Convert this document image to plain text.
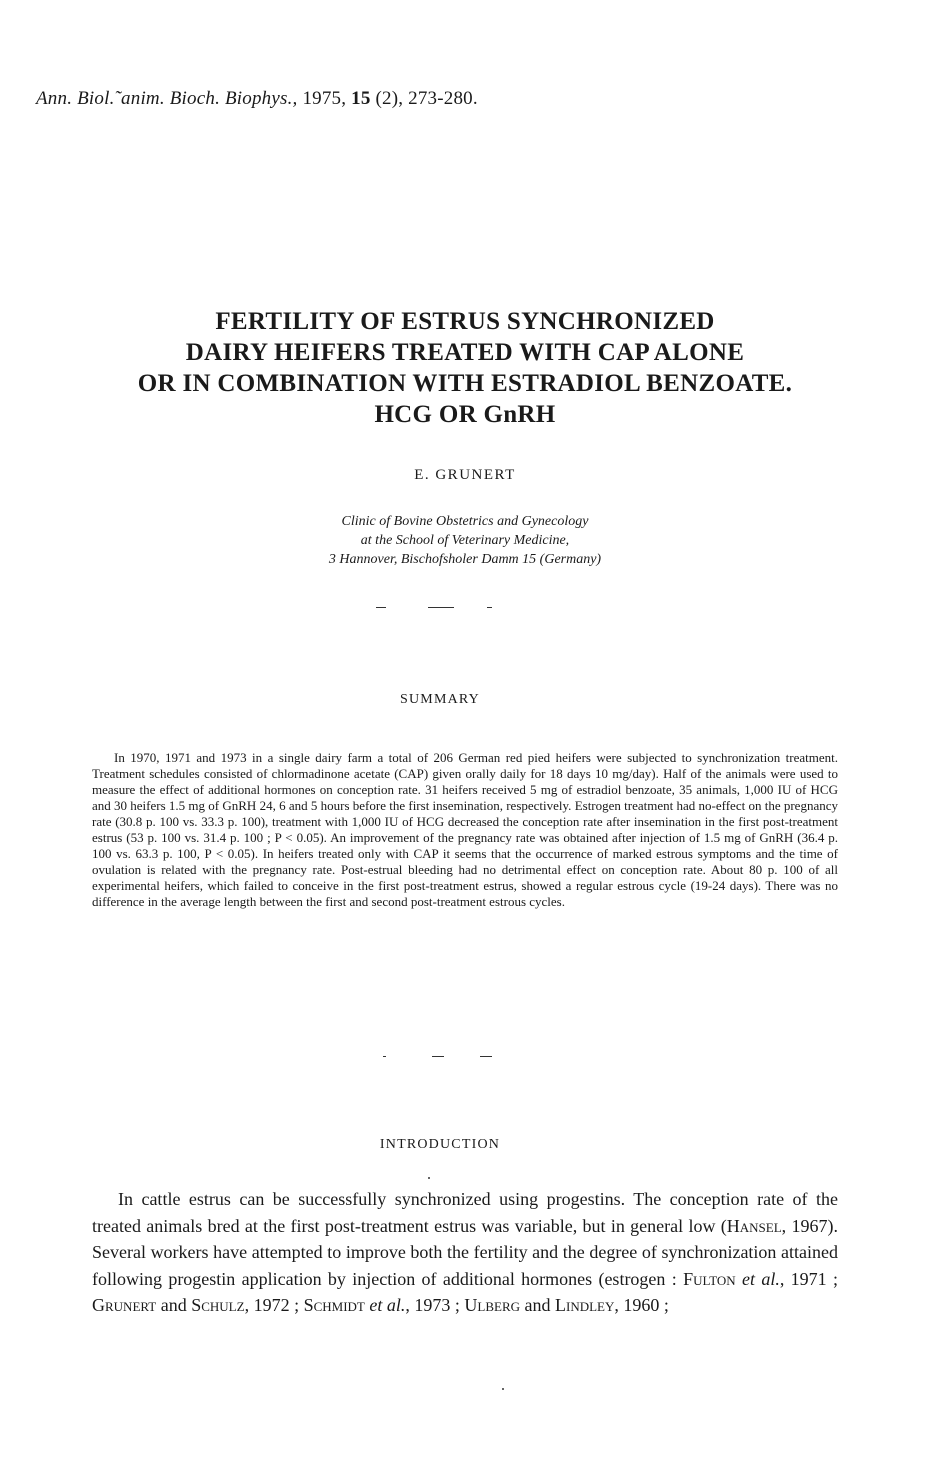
Ann. Biol.˜anim. Bioch. Biophys., 1975, 15 (2), 273-280.
FERTILITY OF ESTRUS SYNCHRONIZED
DAIRY HEIFERS TREATED WITH CAP ALONE
OR IN COMBINATION WITH ESTRADIOL BENZOATE.
HCG OR GnRH
E. GRUNERT
Clinic of Bovine Obstetrics and Gynecology
at the School of Veterinary Medicine,
3 Hannover, Bischofsholer Damm 15 (Germany)
SUMMARY
In 1970, 1971 and 1973 in a single dairy farm a total of 206 German red pied heifers were subjected to synchronization treatment. Treatment schedules consisted of chlormadinone acetate (CAP) given orally daily for 18 days 10 mg/day). Half of the animals were used to measure the effect of additional hormones on conception rate. 31 heifers received 5 mg of estradiol benzoate, 35 animals, 1,000 IU of HCG and 30 heifers 1.5 mg of GnRH 24, 6 and 5 hours before the first insemination, respectively. Estrogen treatment had no-effect on the pregnancy rate (30.8 p. 100 vs. 33.3 p. 100), treatment with 1,000 IU of HCG decreased the conception rate after insemination in the first post-treatment estrus (53 p. 100 vs. 31.4 p. 100 ; P < 0.05). An improvement of the pregnancy rate was obtained after injection of 1.5 mg of GnRH (36.4 p. 100 vs. 63.3 p. 100, P < 0.05). In heifers treated only with CAP it seems that the occurrence of marked estrous symptoms and the time of ovulation is related with the pregnancy rate. Post-estrual bleeding had no detrimental effect on conception rate. About 80 p. 100 of all experimental heifers, which failed to conceive in the first post-treatment estrus, showed a regular estrous cycle (19-24 days). There was no difference in the average length between the first and second post-treatment estrous cycles.
INTRODUCTION
In cattle estrus can be successfully synchronized using progestins. The conception rate of the treated animals bred at the first post-treatment estrus was variable, but in general low (Hansel, 1967). Several workers have attempted to improve both the fertility and the degree of synchronization attained following progestin application by injection of additional hormones (estrogen : Fulton et al., 1971 ; Grunert and Schulz, 1972 ; Schmidt et al., 1973 ; Ulberg and Lindley, 1960 ;
